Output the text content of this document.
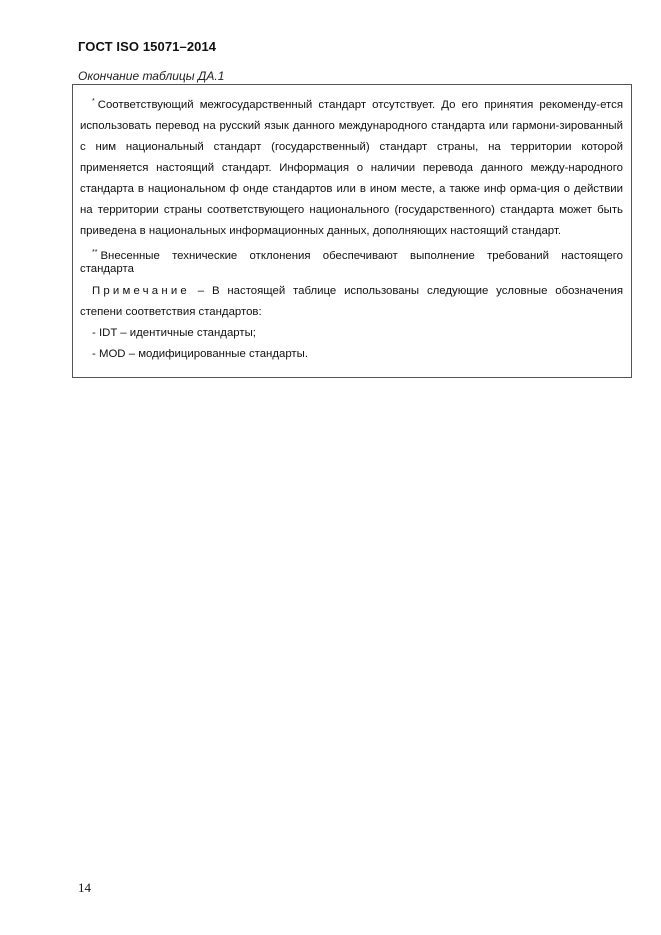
ГОСТ ISO 15071–2014
Окончание таблицы ДА.1

* Соответствующий межгосударственный стандарт отсутствует. До его принятия рекоменду-ется использовать перевод на русский язык данного международного стандарта или гармони-зированный с ним национальный стандарт (государственный) стандарт страны, на территории которой применяется настоящий стандарт. Информация о наличии перевода данного между-народного стандарта в национальном ф онде стандартов или в ином месте, а также инф орма-ция о действии на территории страны соответствующего национального (государственного) стандарта может быть приведена в национальных информационных данных, дополняющих настоящий стандарт.

** Внесенные технические отклонения обеспечивают выполнение требований настоящего стандарта

Примечание – В настоящей таблице использованы следующие условные обозначения степени соответствия стандартов:

- IDT – идентичные стандарты;

- MOD – модифицированные стандарты.

14
